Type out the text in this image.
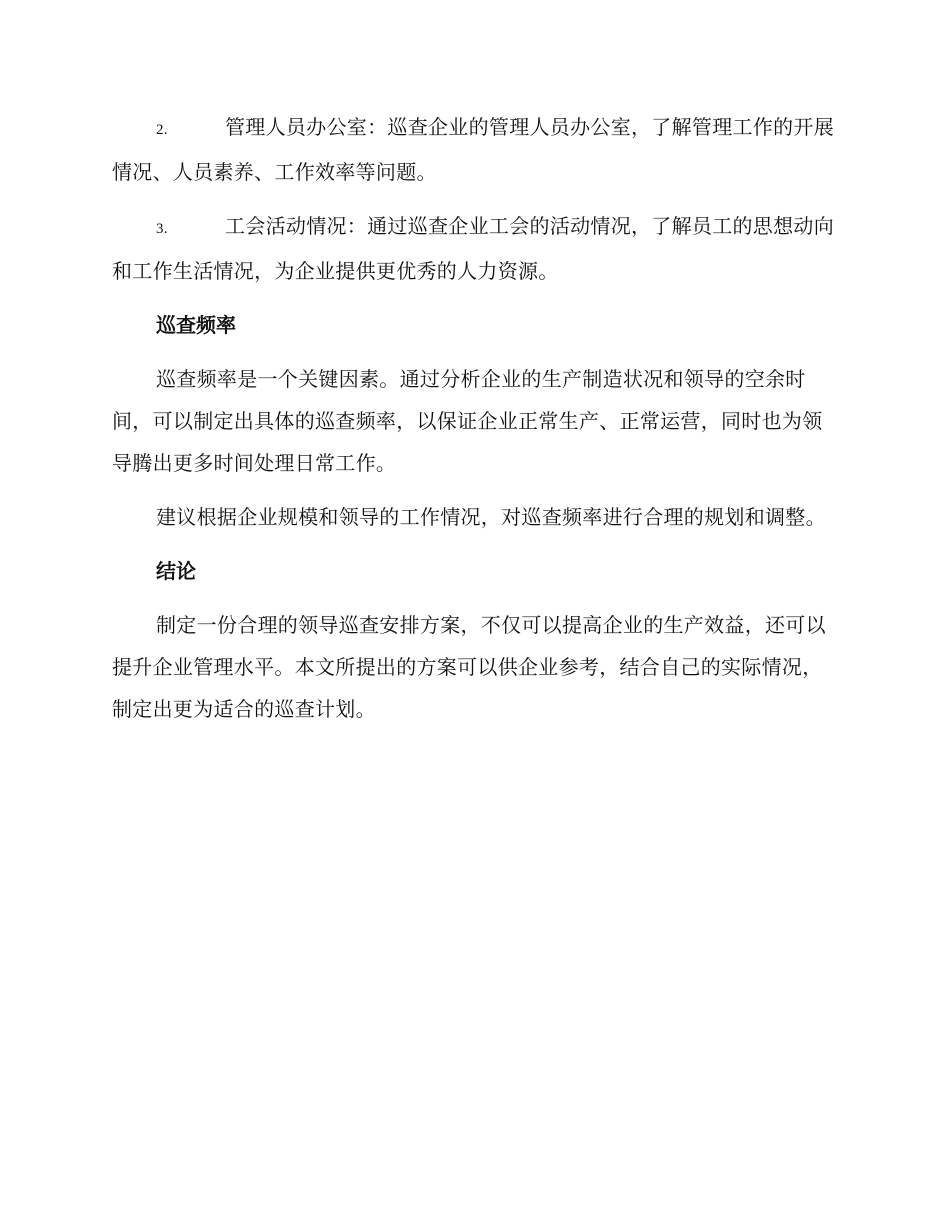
2.	管理人员办公室：巡查企业的管理人员办公室，了解管理工作的开展情况、人员素养、工作效率等问题。

3.	工会活动情况：通过巡查企业工会的活动情况，了解员工的思想动向和工作生活情况，为企业提供更优秀的人力资源。

巡查频率

巡查频率是一个关键因素。通过分析企业的生产制造状况和领导的空余时间，可以制定出具体的巡查频率，以保证企业正常生产、正常运营，同时也为领导腾出更多时间处理日常工作。

建议根据企业规模和领导的工作情况，对巡查频率进行合理的规划和调整。

结论

制定一份合理的领导巡查安排方案，不仅可以提高企业的生产效益，还可以提升企业管理水平。本文所提出的方案可以供企业参考，结合自己的实际情况，制定出更为适合的巡查计划。
